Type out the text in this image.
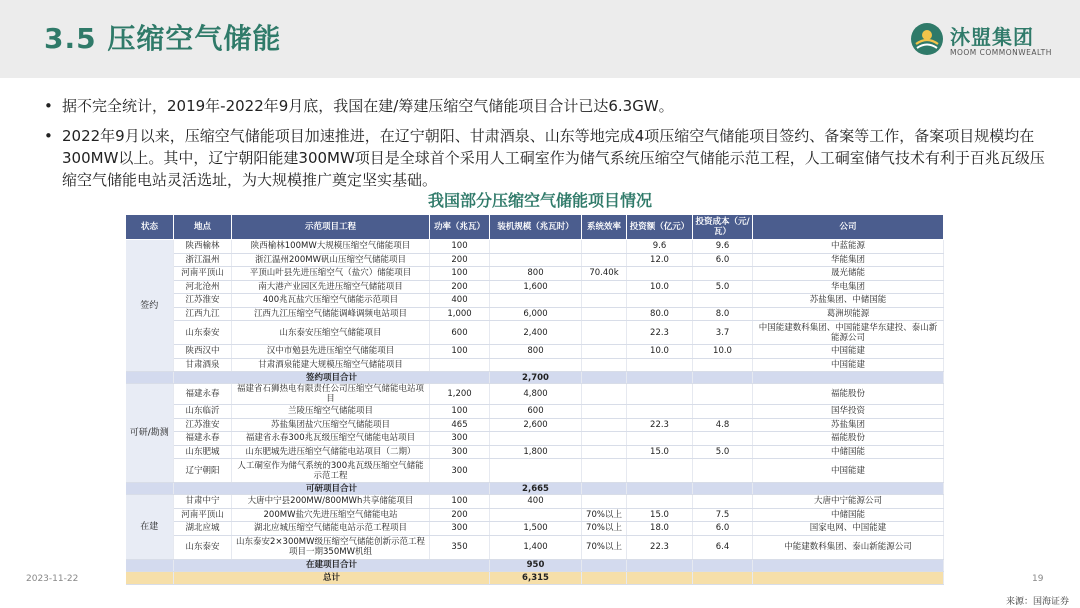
3.5 压缩空气储能	沐盟集团
MOOM COMMONWEALTH
• 据不完全统计，2019年-2022年9月底，我国在建/筹建压缩空气储能项目合计已达6.3GW。
• 2022年9月以来，压缩空气储能项目加速推进，在辽宁朝阳、甘肃酒泉、山东等地完成4项压缩空气储能项目签约、备案等工作，备案项目规模均在300MW以上。其中，辽宁朝阳能建300MW项目是全球首个采用人工硐室作为储气系统压缩空气储能示范工程，人工硐室储气技术有利于百兆瓦级压缩空气储能电站灵活选址，为大规模推广奠定坚实基础。
我国部分压缩空气储能项目情况
状态	地点	示范项目工程	功率（兆瓦）	装机规模（兆瓦时）	系统效率	投资额（亿元）	投资成本（元/瓦）	公司
签约	陕西榆林	陕西榆林100MW大规模压缩空气储能项目	100			9.6	9.6	中蓝能源
	浙江温州	浙江温州200MW矾山压缩空气储能项目	200			12.0	6.0	华能集团
	河南平顶山	平顶山叶县先进压缩空气（盐穴）储能项目	100	800	70.40k			晟光储能
	河北沧州	南大港产业园区先进压缩空气储能项目	200	1,600		10.0	5.0	华电集团
	江苏淮安	400兆瓦盐穴压缩空气储能示范项目	400					苏盐集团、中储国能
	江西九江	江西九江压缩空气储能调峰调频电站项目	1,000	6,000		80.0	8.0	葛洲坝能源
	山东泰安	山东泰安压缩空气储能项目	600	2,400		22.3	3.7	中国能建数科集团、中国能建华东建投、泰山新能源公司
	陕西汉中	汉中市勉县先进压缩空气储能项目	100	800		10.0	10.0	中国能建
	甘肃酒泉	甘肃酒泉能建大规模压缩空气储能项目						中国能建
	签约项目合计			2,700				
可研/勘测	福建永春	福建省石狮热电有限责任公司压缩空气储能电站项目	1,200	4,800				福能股份
	山东临沂	兰陵压缩空气储能项目	100	600				国华投资
	江苏淮安	苏盐集团盐穴压缩空气储能项目	465	2,600		22.3	4.8	苏盐集团
	福建永春	福建省永春300兆瓦级压缩空气储能电站项目	300					福能股份
	山东肥城	山东肥城先进压缩空气储能电站项目（二期）	300	1,800		15.0	5.0	中储国能
	辽宁朝阳	人工硐室作为储气系统的300兆瓦级压缩空气储能示范工程	300					中国能建
	可研项目合计			2,665				
在建	甘肃中宁	大唐中宁县200MW/800MWh共享储能项目	100	400				大唐中宁能源公司
	河南平顶山	200MW盐穴先进压缩空气储能电站	200		70%以上	15.0	7.5	中储国能
	湖北应城	湖北应城压缩空气储能电站示范工程项目	300	1,500	70%以上	18.0	6.0	国家电网、中国能建
	山东泰安	山东泰安2×300MW级压缩空气储能创新示范工程项目一期350MW机组	350	1,400	70%以上	22.3	6.4	中能建数科集团、泰山新能源公司
	在建项目合计			950				
	总计			6,315				
2023-11-22	19
来源：国海证券
